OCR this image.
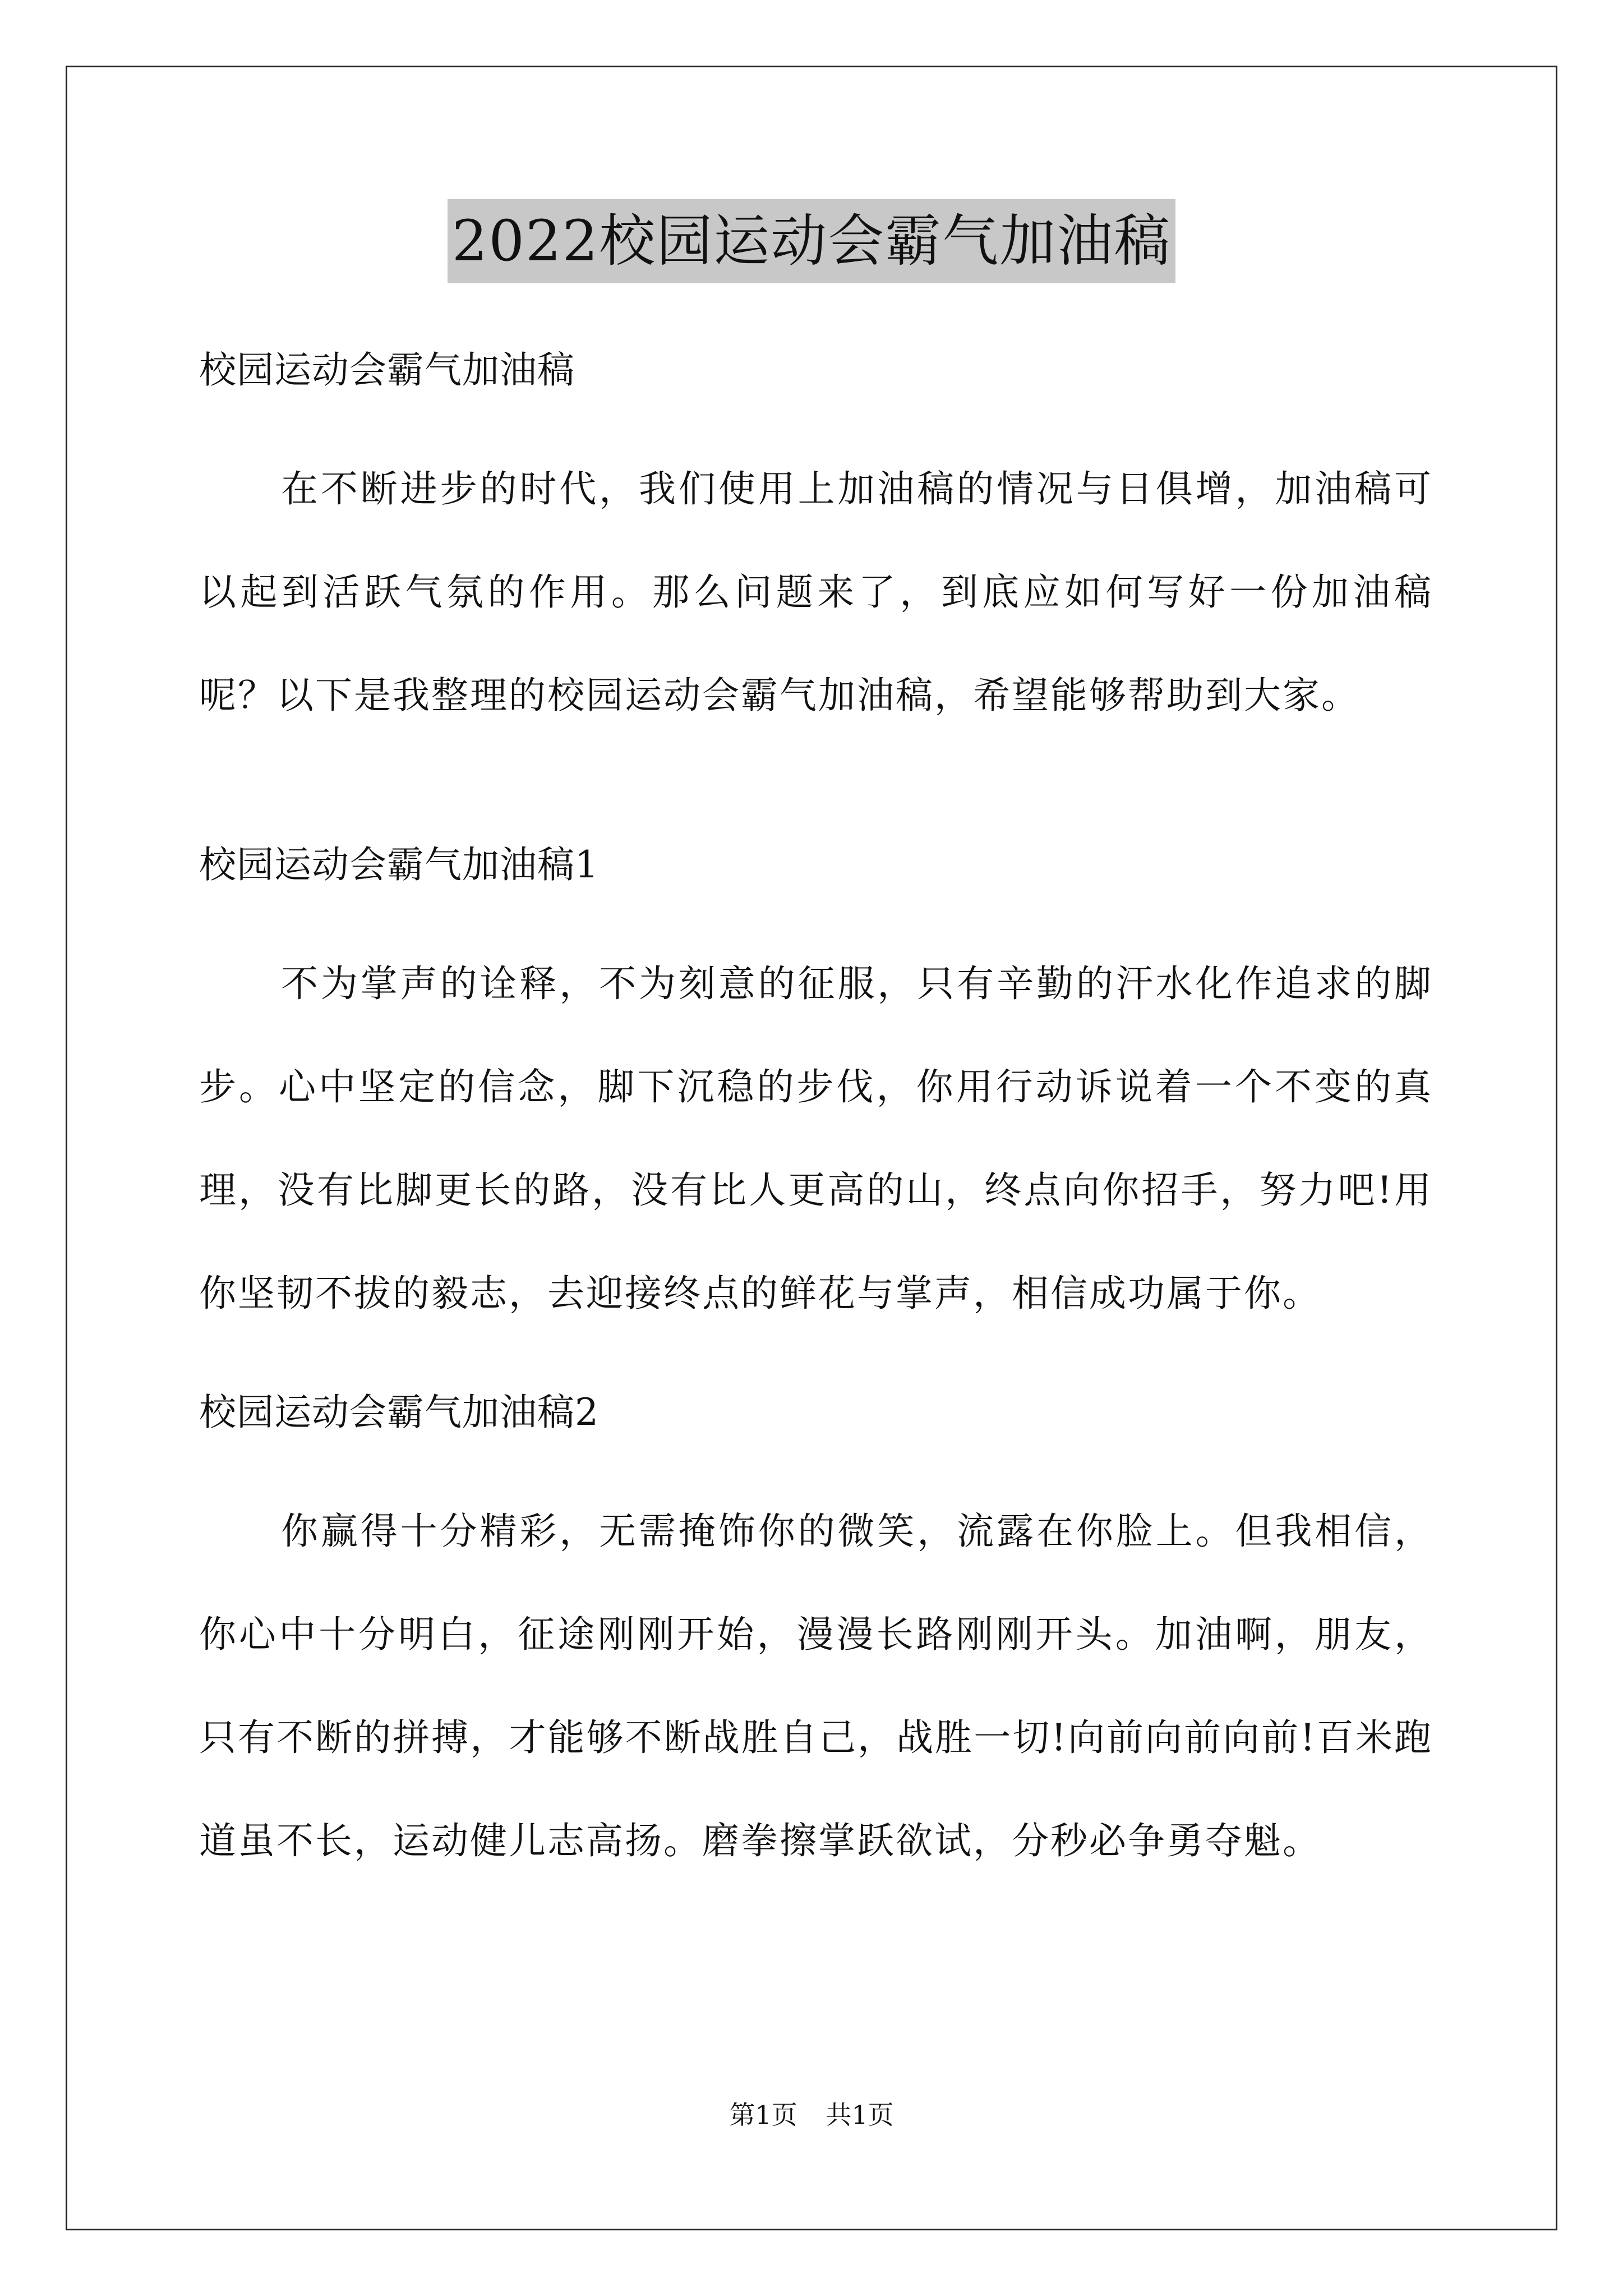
2022校园运动会霸气加油稿

校园运动会霸气加油稿

在不断进步的时代，我们使用上加油稿的情况与日俱增，加油稿可以起到活跃气氛的作用。那么问题来了，到底应如何写好一份加油稿呢？以下是我整理的校园运动会霸气加油稿，希望能够帮助到大家。

校园运动会霸气加油稿1

不为掌声的诠释，不为刻意的征服，只有辛勤的汗水化作追求的脚步。心中坚定的信念，脚下沉稳的步伐，你用行动诉说着一个不变的真理，没有比脚更长的路，没有比人更高的山，终点向你招手，努力吧!用你坚韧不拔的毅志，去迎接终点的鲜花与掌声，相信成功属于你。

校园运动会霸气加油稿2

你赢得十分精彩，无需掩饰你的微笑，流露在你脸上。但我相信，你心中十分明白，征途刚刚开始，漫漫长路刚刚开头。加油啊，朋友，只有不断的拼搏，才能够不断战胜自己，战胜一切!向前向前向前!百米跑道虽不长，运动健儿志高扬。磨拳擦掌跃欲试，分秒必争勇夺魁。

第1页 共1页
